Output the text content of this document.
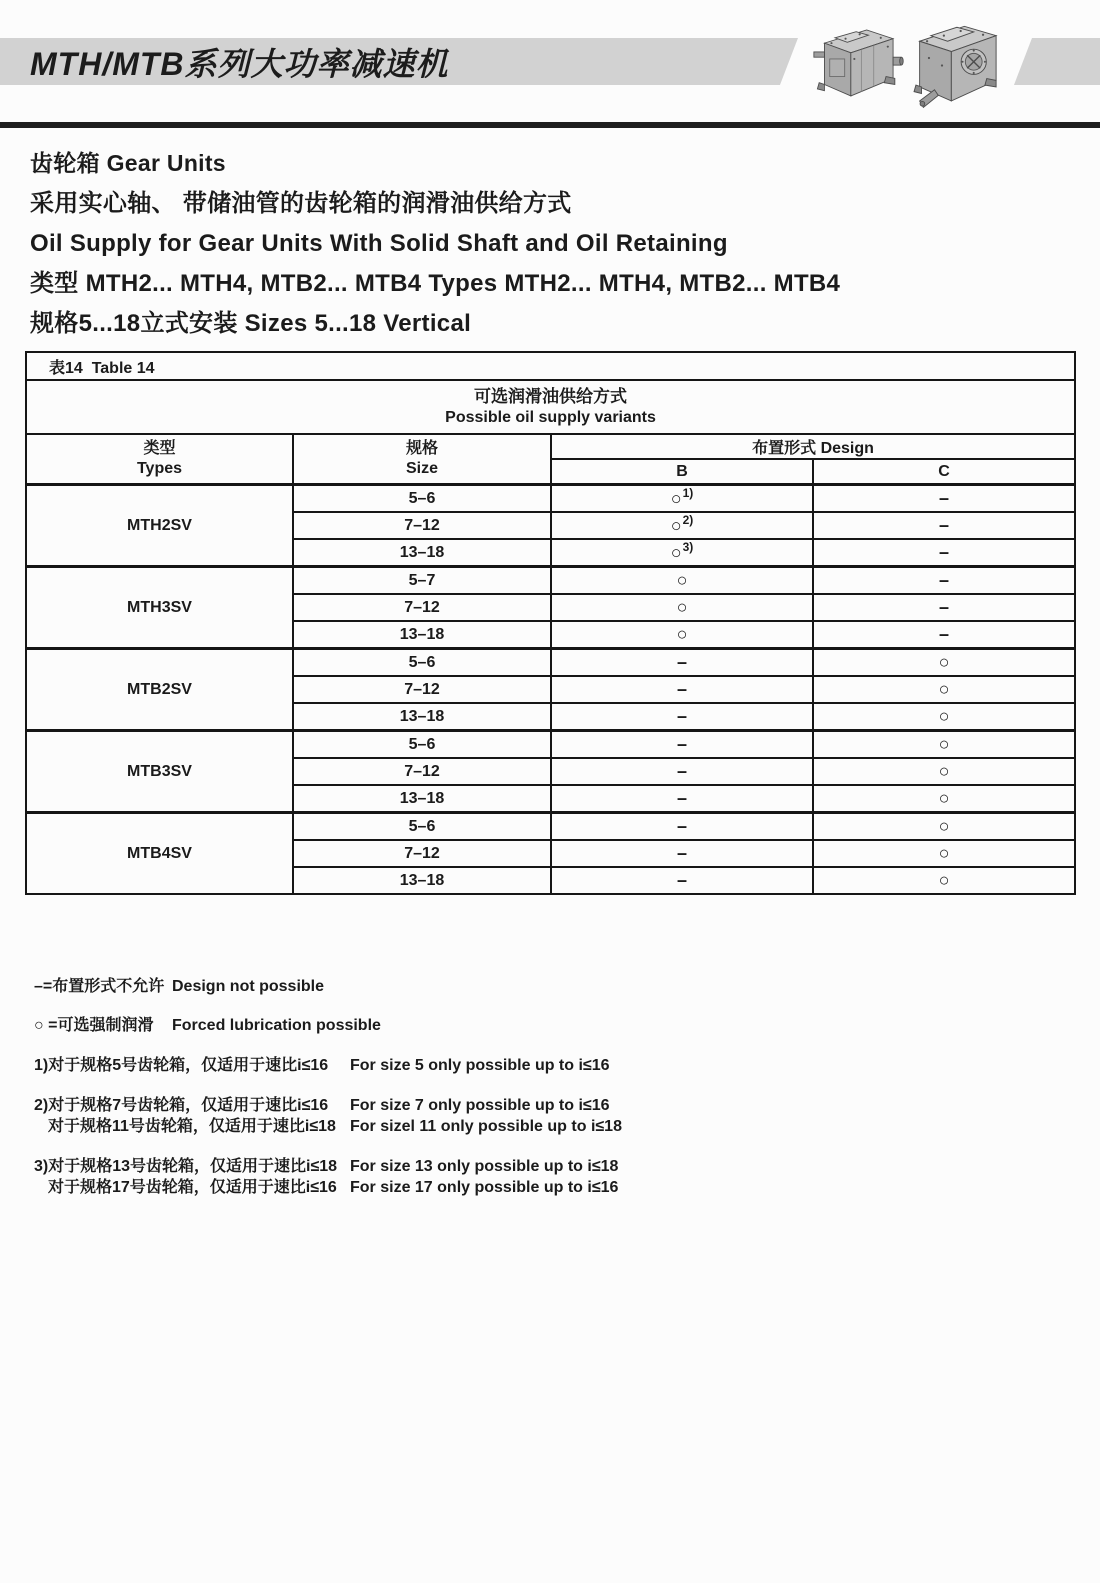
MTH/MTB系列大功率减速机

齿轮箱 Gear Units

采用实心轴、 带储油管的齿轮箱的润滑油供给方式

Oil Supply for Gear Units With Solid Shaft and Oil Retaining

类型 MTH2... MTH4, MTB2... MTB4 Types MTH2... MTH4, MTB2... MTB4

规格5...18立式安装 Sizes 5...18 Vertical

表14  Table 14			

可选润滑油供给方式
Possible oil supply variants			

类型
Types

规格
Size
	布置形式 Design
		B	C
MTH2SV	5–6	○$^{1)}$	–
	7–12	○$^{2)}$	–
	13–18	○$^{3)}$	–
MTH3SV	5–7	○	–
	7–12	○	–
	13–18	○	–
MTB2SV	5–6	–	○
	7–12	–	○
	13–18	–	○
MTB3SV	5–6	–	○
	7–12	–	○
	13–18	–	○
MTB4SV	5–6	–	○
	7–12	–	○
	13–18	–	○
–=布置形式不允许 Design not possible
○ =可选强制润滑	Forced lubrication possible
1)对于规格5号齿轮箱，仅适用于速比i≤16	For size 5 only possible up to i≤16
2)对于规格7号齿轮箱，仅适用于速比i≤16	For size 7 only possible up to i≤16
对于规格11号齿轮箱，仅适用于速比i≤18 For sizel 11 only possible up to i≤18
3)对于规格13号齿轮箱，仅适用于速比i≤18 For size 13 only possible up to i≤18
对于规格17号齿轮箱，仅适用于速比i≤16 For size 17 only possible up to i≤16
